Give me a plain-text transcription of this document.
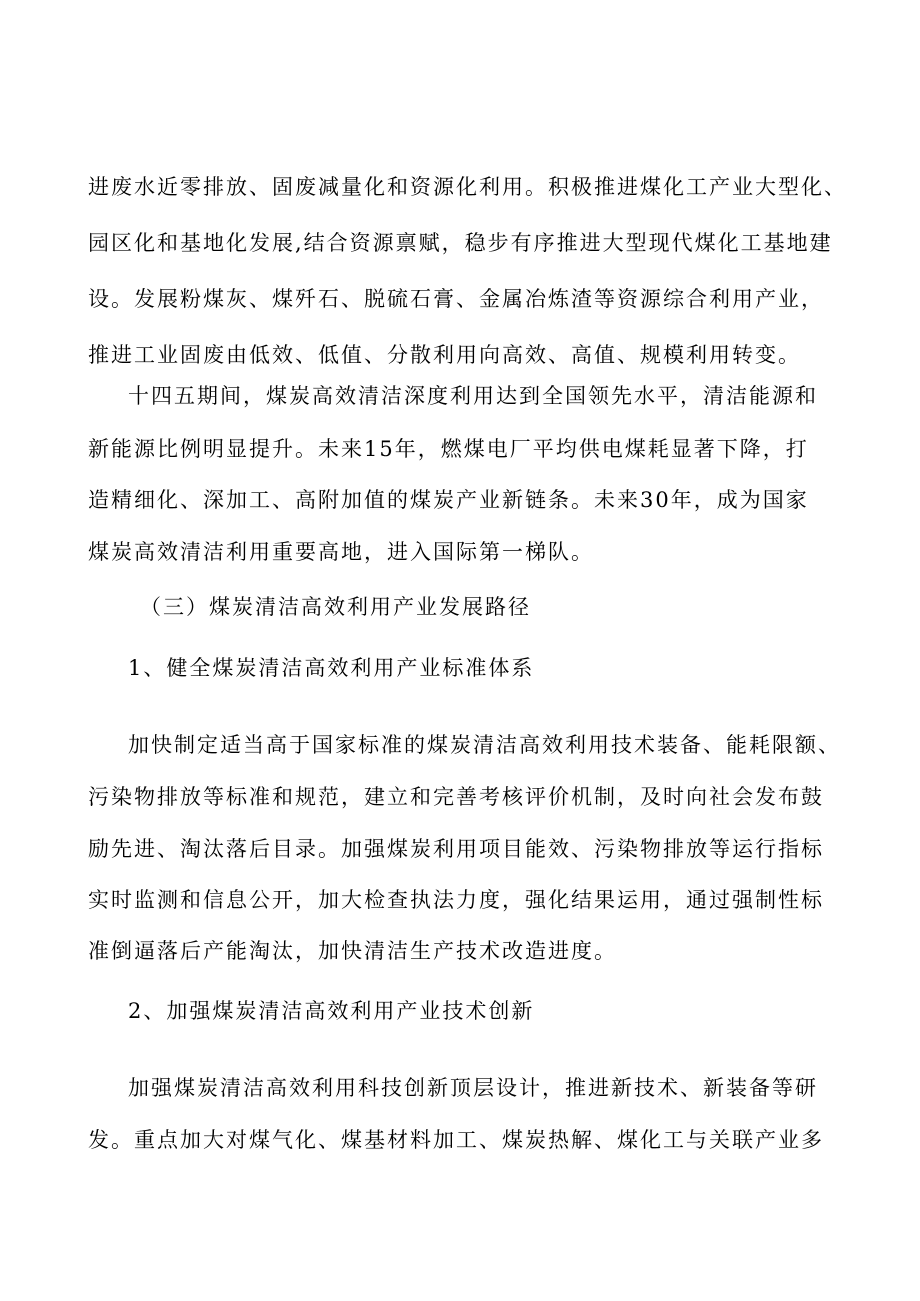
进废水近零排放、固废减量化和资源化利用。积极推进煤化工产业大型化、

园区化和基地化发展,结合资源禀赋，稳步有序推进大型现代煤化工基地建

设。发展粉煤灰、煤歼石、脱硫石膏、金属冶炼渣等资源综合利用产业，

推进工业固废由低效、低值、分散利用向高效、高值、规模利用转变。

十四五期间，煤炭高效清洁深度利用达到全国领先水平，清洁能源和

新能源比例明显提升。未来15年，燃煤电厂平均供电煤耗显著下降，打

造精细化、深加工、高附加值的煤炭产业新链条。未来30年，成为国家

煤炭高效清洁利用重要高地，进入国际第一梯队。

（三）煤炭清洁高效利用产业发展路径

1、健全煤炭清洁高效利用产业标准体系

加快制定适当高于国家标准的煤炭清洁高效利用技术装备、能耗限额、

污染物排放等标准和规范，建立和完善考核评价机制，及时向社会发布鼓

励先进、淘汰落后目录。加强煤炭利用项目能效、污染物排放等运行指标

实时监测和信息公开，加大检查执法力度，强化结果运用，通过强制性标

准倒逼落后产能淘汰，加快清洁生产技术改造进度。

2、加强煤炭清洁高效利用产业技术创新

加强煤炭清洁高效利用科技创新顶层设计，推进新技术、新装备等研

发。重点加大对煤气化、煤基材料加工、煤炭热解、煤化工与关联产业多
